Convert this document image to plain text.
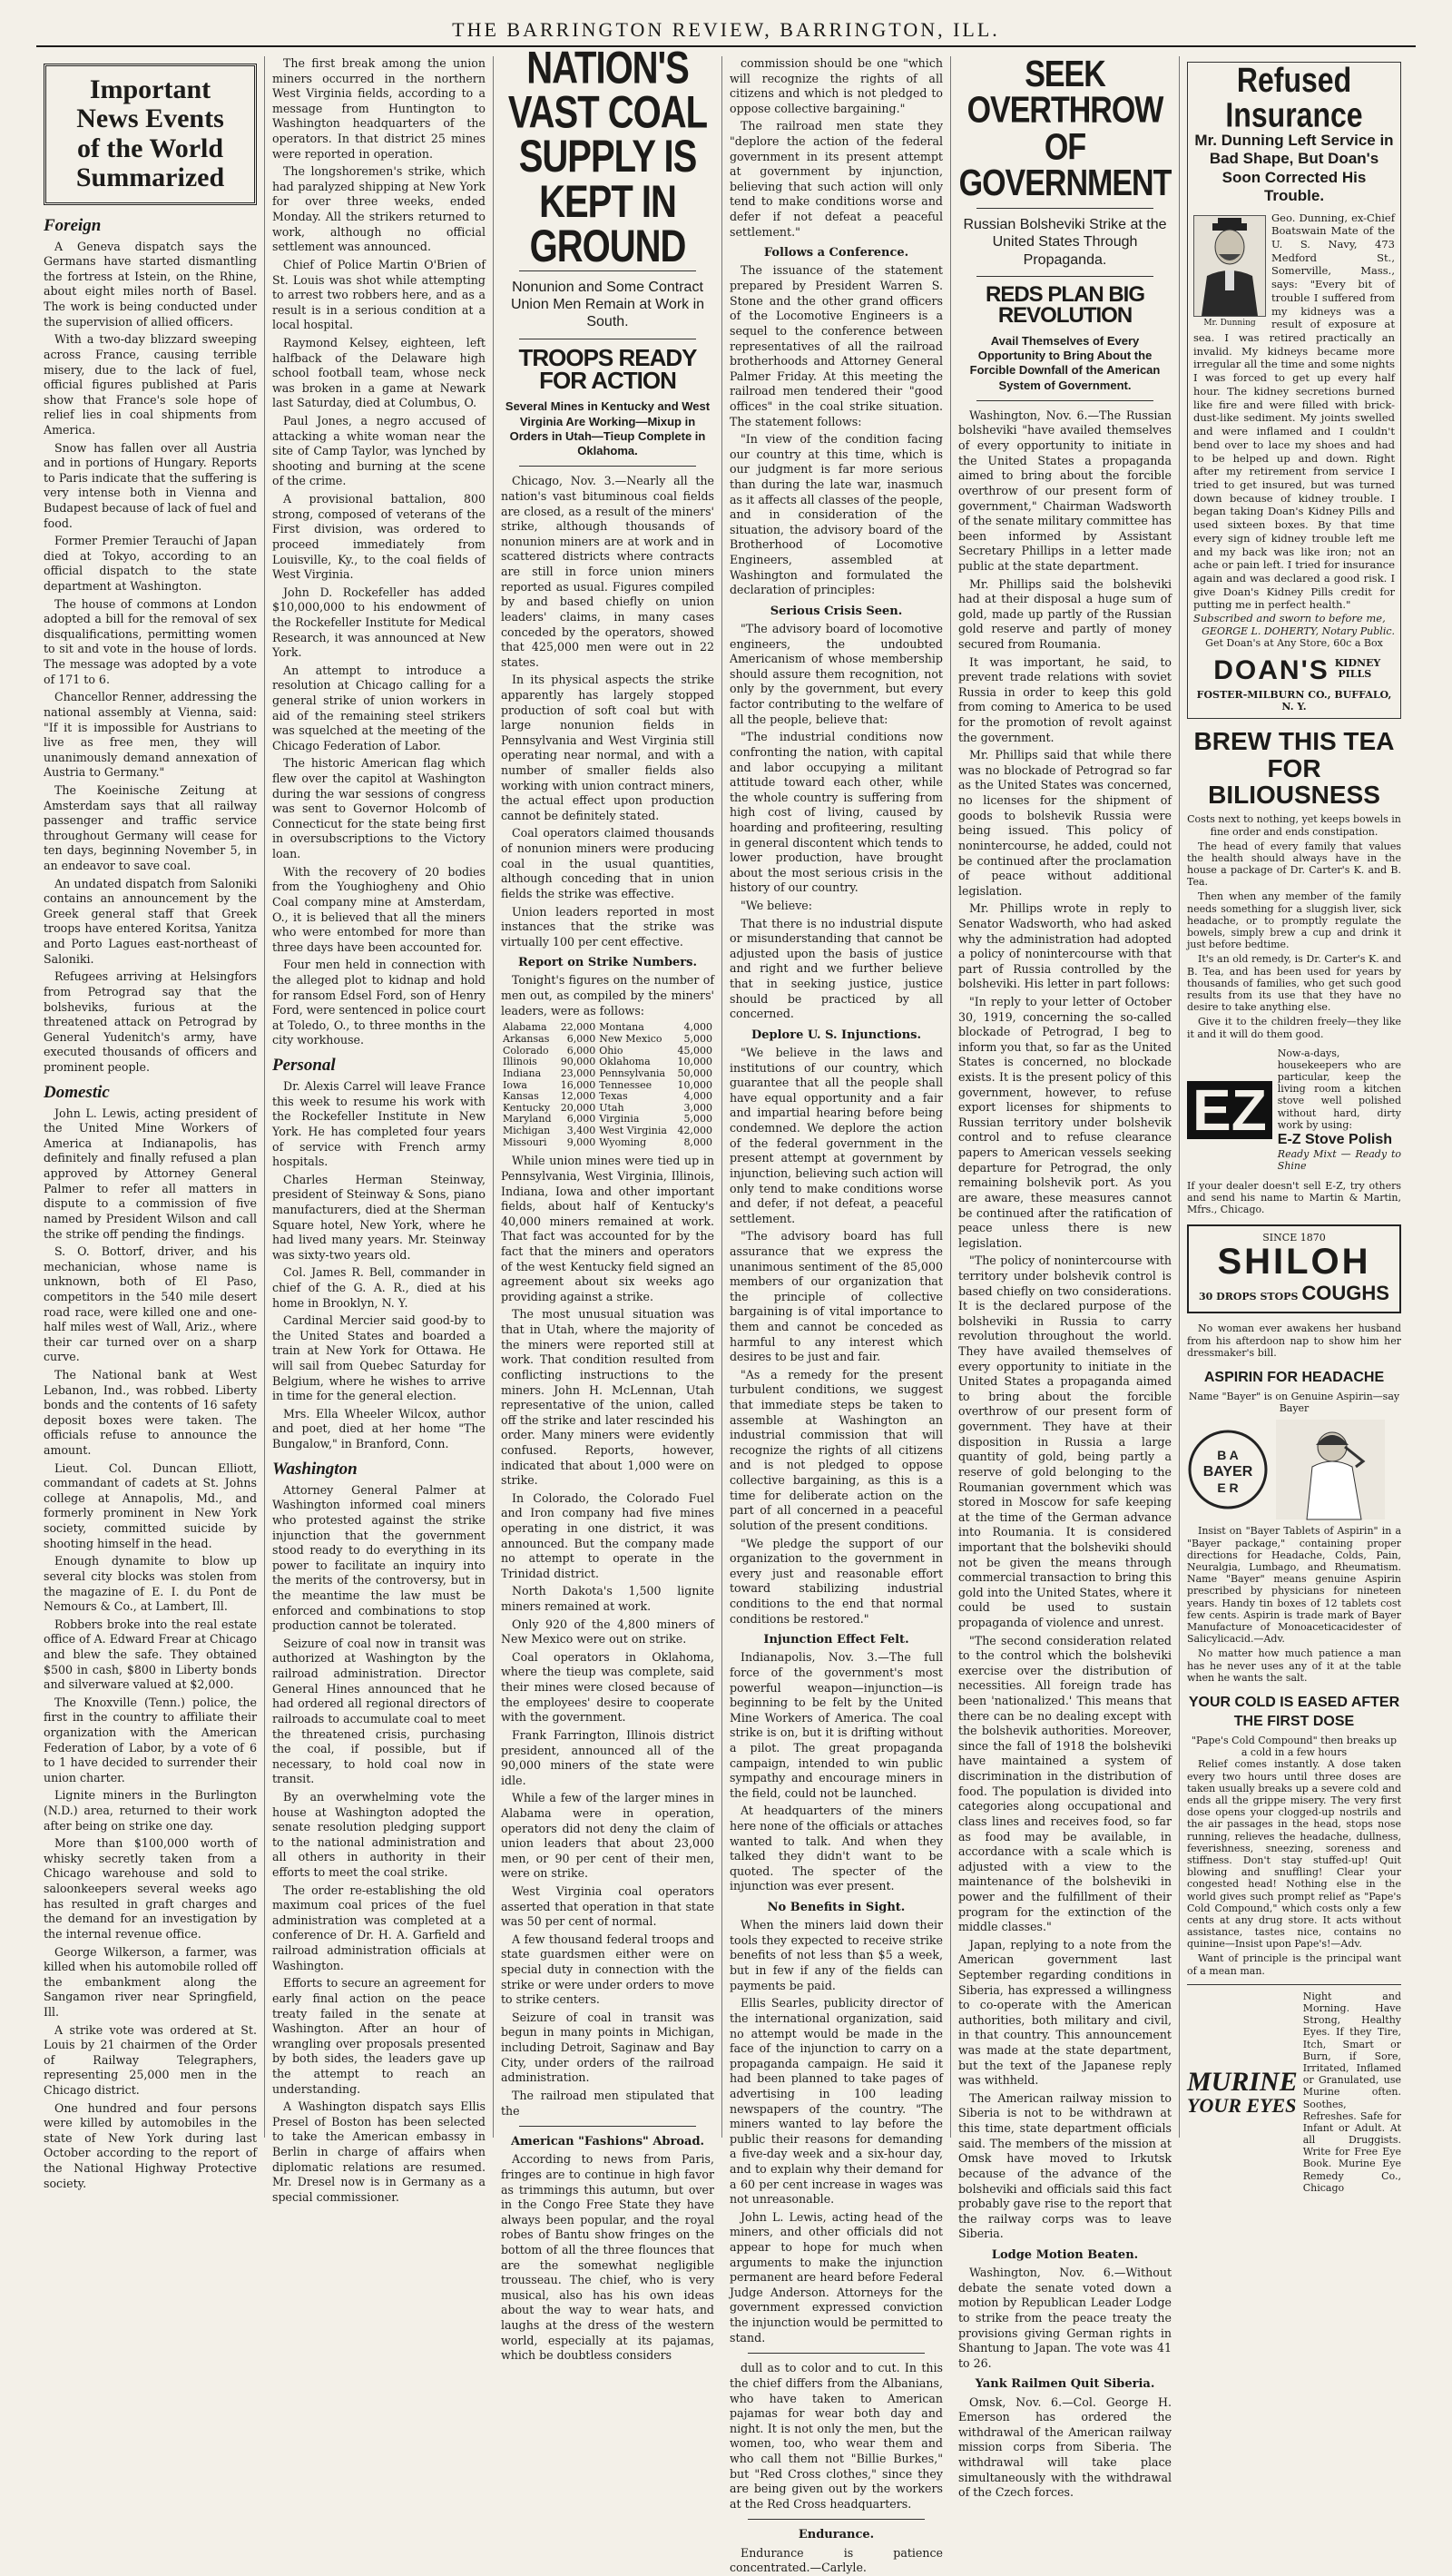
THE BARRINGTON REVIEW, BARRINGTON, ILL.
Important
News Events
of the World
Summarized
Foreign

A Geneva dispatch says the Germans have started dismantling the fortress at Istein, on the Rhine, about eight miles north of Basel. The work is being conducted under the supervision of allied officers.

With a two-day blizzard sweeping across France, causing terrible misery, due to the lack of fuel, official figures published at Paris show that France's sole hope of relief lies in coal shipments from America.

Snow has fallen over all Austria and in portions of Hungary. Reports to Paris indicate that the suffering is very intense both in Vienna and Budapest because of lack of fuel and food.

Former Premier Terauchi of Japan died at Tokyo, according to an official dispatch to the state department at Washington.

The house of commons at London adopted a bill for the removal of sex disqualifications, permitting women to sit and vote in the house of lords. The message was adopted by a vote of 171 to 6.

Chancellor Renner, addressing the national assembly at Vienna, said: "If it is impossible for Austrians to live as free men, they will unanimously demand annexation of Austria to Germany."

The Koeinische Zeitung at Amsterdam says that all railway passenger and traffic service throughout Germany will cease for ten days, beginning November 5, in an endeavor to save coal.

An undated dispatch from Saloniki contains an announcement by the Greek general staff that Greek troops have entered Koritsa, Yanitza and Porto Lagues east-northeast of Saloniki.

Refugees arriving at Helsingfors from Petrograd say that the bolsheviks, furious at the threatened attack on Petrograd by General Yudenitch's army, have executed thousands of officers and prominent people.

Domestic

John L. Lewis, acting president of the United Mine Workers of America at Indianapolis, has definitely and finally refused a plan approved by Attorney General Palmer to refer all matters in dispute to a commission of five named by President Wilson and call the strike off pending the findings.

S. O. Bottorf, driver, and his mechanician, whose name is unknown, both of El Paso, competitors in the 540 mile desert road race, were killed one and one-half miles west of Wall, Ariz., where their car turned over on a sharp curve.

The National bank at West Lebanon, Ind., was robbed. Liberty bonds and the contents of 16 safety deposit boxes were taken. The officials refuse to announce the amount.

Lieut. Col. Duncan Elliott, commandant of cadets at St. Johns college at Annapolis, Md., and formerly prominent in New York society, committed suicide by shooting himself in the head.

Enough dynamite to blow up several city blocks was stolen from the magazine of E. I. du Pont de Nemours & Co., at Lambert, Ill.

Robbers broke into the real estate office of A. Edward Frear at Chicago and blew the safe. They obtained $500 in cash, $800 in Liberty bonds and silverware valued at $2,000.

The Knoxville (Tenn.) police, the first in the country to affiliate their organization with the American Federation of Labor, by a vote of 6 to 1 have decided to surrender their union charter.

Lignite miners in the Burlington (N.D.) area, returned to their work after being on strike one day.

More than $100,000 worth of whisky secretly taken from a Chicago warehouse and sold to saloonkeepers several weeks ago has resulted in graft charges and the demand for an investigation by the internal revenue office.

George Wilkerson, a farmer, was killed when his automobile rolled off the embankment along the Sangamon river near Springfield, Ill.

A strike vote was ordered at St. Louis by 21 chairmen of the Order of Railway Telegraphers, representing 25,000 men in the Chicago district.

One hundred and four persons were killed by automobiles in the state of New York during last October according to the report of the National Highway Protective society.

The first break among the union miners occurred in the northern West Virginia fields, according to a message from Huntington to Washington headquarters of the operators. In that district 25 mines were reported in operation.

The longshoremen's strike, which had paralyzed shipping at New York for over three weeks, ended Monday. All the strikers returned to work, although no official settlement was announced.

Chief of Police Martin O'Brien of St. Louis was shot while attempting to arrest two robbers here, and as a result is in a serious condition at a local hospital.

Raymond Kelsey, eighteen, left halfback of the Delaware high school football team, whose neck was broken in a game at Newark last Saturday, died at Columbus, O.

Paul Jones, a negro accused of attacking a white woman near the site of Camp Taylor, was lynched by shooting and burning at the scene of the crime.

A provisional battalion, 800 strong, composed of veterans of the First division, was ordered to proceed immediately from Louisville, Ky., to the coal fields of West Virginia.

John D. Rockefeller has added $10,000,000 to his endowment of the Rockefeller Institute for Medical Research, it was announced at New York.

An attempt to introduce a resolution at Chicago calling for a general strike of union workers in aid of the remaining steel strikers was squelched at the meeting of the Chicago Federation of Labor.

The historic American flag which flew over the capitol at Washington during the war sessions of congress was sent to Governor Holcomb of Connecticut for the state being first in oversubscriptions to the Victory loan.

With the recovery of 20 bodies from the Youghiogheny and Ohio Coal company mine at Amsterdam, O., it is believed that all the miners who were entombed for more than three days have been accounted for.

Four men held in connection with the alleged plot to kidnap and hold for ransom Edsel Ford, son of Henry Ford, were sentenced in police court at Toledo, O., to three months in the city workhouse.

Personal

Dr. Alexis Carrel will leave France this week to resume his work with the Rockefeller Institute in New York. He has completed four years of service with French army hospitals.

Charles Herman Steinway, president of Steinway & Sons, piano manufacturers, died at the Sherman Square hotel, New York, where he had lived many years. Mr. Steinway was sixty-two years old.

Col. James R. Bell, commander in chief of the G. A. R., died at his home in Brooklyn, N. Y.

Cardinal Mercier said good-by to the United States and boarded a train at New York for Ottawa. He will sail from Quebec Saturday for Belgium, where he wishes to arrive in time for the general election.

Mrs. Ella Wheeler Wilcox, author and poet, died at her home "The Bungalow," in Branford, Conn.

Washington

Attorney General Palmer at Washington informed coal miners who protested against the strike injunction that the government stood ready to do everything in its power to facilitate an inquiry into the merits of the controversy, but in the meantime the law must be enforced and combinations to stop production cannot be tolerated.

Seizure of coal now in transit was authorized at Washington by the railroad administration. Director General Hines announced that he had ordered all regional directors of railroads to accumulate coal to meet the threatened crisis, purchasing the coal, if possible, but if necessary, to hold coal now in transit.

By an overwhelming vote the house at Washington adopted the senate resolution pledging support to the national administration and all others in authority in their efforts to meet the coal strike.

The order re-establishing the old maximum coal prices of the fuel administration was completed at a conference of Dr. H. A. Garfield and railroad administration officials at Washington.

Efforts to secure an agreement for early final action on the peace treaty failed in the senate at Washington. After an hour of wrangling over proposals presented by both sides, the leaders gave up the attempt to reach an understanding.

A Washington dispatch says Ellis Presel of Boston has been selected to take the American embassy in Berlin in charge of affairs when diplomatic relations are resumed. Mr. Dresel now is in Germany as a special commissioner.

NATION'S VAST COAL SUPPLY IS KEPT IN GROUND
Nonunion and Some Contract Union Men Remain at Work in South.
TROOPS READY FOR ACTION
Several Mines in Kentucky and West Virginia Are Working—Mixup in Orders in Utah—Tieup Complete in Oklahoma.

Chicago, Nov. 3.—Nearly all the nation's vast bituminous coal fields are closed, as a result of the miners' strike, although thousands of nonunion miners are at work and in scattered districts where contracts are still in force union miners reported as usual. Figures compiled by and based chiefly on union leaders' claims, in many cases conceded by the operators, showed that 425,000 men were out in 22 states.

In its physical aspects the strike apparently has largely stopped production of soft coal but with large nonunion fields in Pennsylvania and West Virginia still operating near normal, and with a number of smaller fields also working with union contract miners, the actual effect upon production cannot be definitely stated.

Coal operators claimed thousands of nonunion miners were producing coal in the usual quantities, although conceding that in union fields the strike was effective.

Union leaders reported in most instances that the strike was virtually 100 per cent effective.

Report on Strike Numbers.

Tonight's figures on the number of men out, as compiled by the miners' leaders, were as follows:

Alabama	22,000	Montana	4,000
Arkansas	6,000	New Mexico	5,000
Colorado	6,000	Ohio	45,000
Illinois	90,000	Oklahoma	10,000
Indiana	23,000	Pennsylvania	50,000
Iowa	16,000	Tennessee	10,000
Kansas	12,000	Texas	4,000
Kentucky	20,000	Utah	3,000
Maryland	6,000	Virginia	5,000
Michigan	3,400	West Virginia	42,000
Missouri	9,000	Wyoming	8,000

While union mines were tied up in Pennsylvania, West Virginia, Illinois, Indiana, Iowa and other important fields, about half of Kentucky's 40,000 miners remained at work. That fact was accounted for by the fact that the miners and operators of the west Kentucky field signed an agreement about six weeks ago providing against a strike.

The most unusual situation was that in Utah, where the majority of the miners were reported still at work. That condition resulted from conflicting instructions to the miners. John H. McLennan, Utah representative of the union, called off the strike and later rescinded his order. Many miners were evidently confused. Reports, however, indicated that about 1,000 were on strike.

In Colorado, the Colorado Fuel and Iron company had five mines operating in one district, it was announced. But the company made no attempt to operate in the Trinidad district.

North Dakota's 1,500 lignite miners remained at work.

Only 920 of the 4,800 miners of New Mexico were out on strike.

Coal operators in Oklahoma, where the tieup was complete, said their mines were closed because of the employees' desire to cooperate with the government.

Frank Farrington, Illinois district president, announced all of the 90,000 miners of the state were idle.

While a few of the larger mines in Alabama were in operation, operators did not deny the claim of union leaders that about 23,000 men, or 90 per cent of their men, were on strike.

West Virginia coal operators asserted that operation in that state was 50 per cent of normal.

A few thousand federal troops and state guardsmen either were on special duty in connection with the strike or were under orders to move to strike centers.

Seizure of coal in transit was begun in many points in Michigan, including Detroit, Saginaw and Bay City, under orders of the railroad administration.

The railroad men stipulated that the

American "Fashions" Abroad.

According to news from Paris, fringes are to continue in high favor as trimmings this autumn, but over in the Congo Free State they have always been popular, and the royal robes of Bantu show fringes on the bottom of all the three flounces that are the somewhat negligible trousseau. The chief, who is very musical, also has his own ideas about the way to wear hats, and laughs at the dress of the western world, especially at its pajamas, which be doubtless considers

commission should be one "which will recognize the rights of all citizens and which is not pledged to oppose collective bargaining."

The railroad men state they "deplore the action of the federal government in its present attempt at government by injunction, believing that such action will only tend to make conditions worse and defer if not defeat a peaceful settlement."

Follows a Conference.

The issuance of the statement prepared by President Warren S. Stone and the other grand officers of the Locomotive Engineers is a sequel to the conference between representatives of all the railroad brotherhoods and Attorney General Palmer Friday. At this meeting the railroad men tendered their "good offices" in the coal strike situation. The statement follows:

"In view of the condition facing our country at this time, which is our judgment is far more serious than during the late war, inasmuch as it affects all classes of the people, and in consideration of the situation, the advisory board of the Brotherhood of Locomotive Engineers, assembled at Washington and formulated the declaration of principles:

Serious Crisis Seen.

"The advisory board of locomotive engineers, the undoubted Americanism of whose membership should assure them recognition, not only by the government, but every factor contributing to the welfare of all the people, believe that:

"The industrial conditions now confronting the nation, with capital and labor occupying a militant attitude toward each other, while the whole country is suffering from high cost of living, caused by hoarding and profiteering, resulting in general discontent which tends to lower production, have brought about the most serious crisis in the history of our country.

"We believe:

That there is no industrial dispute or misunderstanding that cannot be adjusted upon the basis of justice and right and we further believe that in seeking justice, justice should be practiced by all concerned.

Deplore U. S. Injunctions.

"We believe in the laws and institutions of our country, which guarantee that all the people shall have equal opportunity and a fair and impartial hearing before being condemned. We deplore the action of the federal government in the present attempt at government by injunction, believing such action will only tend to make conditions worse and defer, if not defeat, a peaceful settlement.

"The advisory board has full assurance that we express the unanimous sentiment of the 85,000 members of our organization that the principle of collective bargaining is of vital importance to them and cannot be conceded as harmful to any interest which desires to be just and fair.

"As a remedy for the present turbulent conditions, we suggest that immediate steps be taken to assemble at Washington an industrial commission that will recognize the rights of all citizens and is not pledged to oppose collective bargaining, as this is a time for deliberate action on the part of all concerned in a peaceful solution of the present conditions.

"We pledge the support of our organization to the government in every just and reasonable effort toward stabilizing industrial conditions to the end that normal conditions be restored."

Injunction Effect Felt.

Indianapolis, Nov. 3.—The full force of the government's most powerful weapon—injunction—is beginning to be felt by the United Mine Workers of America. The coal strike is on, but it is drifting without a pilot. The great propaganda campaign, intended to win public sympathy and encourage miners in the field, could not be launched.

At headquarters of the miners here none of the officials or attaches wanted to talk. And when they talked they didn't want to be quoted. The specter of the injunction was ever present.

No Benefits in Sight.

When the miners laid down their tools they expected to receive strike benefits of not less than $5 a week, but in few if any of the fields can payments be paid.

Ellis Searles, publicity director of the international organization, said no attempt would be made in the face of the injunction to carry on a propaganda campaign. He said it had been planned to take pages of advertising in 100 leading newspapers of the country. "The miners wanted to lay before the public their reasons for demanding a five-day week and a six-hour day, and to explain why their demand for a 60 per cent increase in wages was not unreasonable.

John L. Lewis, acting head of the miners, and other officials did not appear to hope for much when arguments to make the injunction permanent are heard before Federal Judge Anderson. Attorneys for the government expressed conviction the injunction would be permitted to stand.

dull as to color and to cut. In this the chief differs from the Albanians, who have taken to American pajamas for wear both day and night. It is not only the men, but the women, too, who wear them and who call them not "Billie Burkes," but "Red Cross clothes," since they are being given out by the workers at the Red Cross headquarters.

Endurance.

Endurance is patience concentrated.—Carlyle.

SEEK OVERTHROW OF GOVERNMENT
Russian Bolsheviki Strike at the United States Through Propaganda.
REDS PLAN BIG REVOLUTION
Avail Themselves of Every Opportunity to Bring About the Forcible Downfall of the American System of Government.

Washington, Nov. 6.—The Russian bolsheviki "have availed themselves of every opportunity to initiate in the United States a propaganda aimed to bring about the forcible overthrow of our present form of government," Chairman Wadsworth of the senate military committee has been informed by Assistant Secretary Phillips in a letter made public at the state department.

Mr. Phillips said the bolsheviki had at their disposal a huge sum of gold, made up partly of the Russian gold reserve and partly of money secured from Roumania.

It was important, he said, to prevent trade relations with soviet Russia in order to keep this gold from coming to America to be used for the promotion of revolt against the government.

Mr. Phillips said that while there was no blockade of Petrograd so far as the United States was concerned, no licenses for the shipment of goods to bolshevik Russia were being issued. This policy of nonintercourse, he added, could not be continued after the proclamation of peace without additional legislation.

Mr. Phillips wrote in reply to Senator Wadsworth, who had asked why the administration had adopted a policy of nonintercourse with that part of Russia controlled by the bolsheviki. His letter in part follows:

"In reply to your letter of October 30, 1919, concerning the so-called blockade of Petrograd, I beg to inform you that, so far as the United States is concerned, no blockade exists. It is the present policy of this government, however, to refuse export licenses for shipments to Russian territory under bolshevik control and to refuse clearance papers to American vessels seeking departure for Petrograd, the only remaining bolshevik port. As you are aware, these measures cannot be continued after the ratification of peace unless there is new legislation.

"The policy of nonintercourse with territory under bolshevik control is based chiefly on two considerations. It is the declared purpose of the bolsheviki in Russia to carry revolution throughout the world. They have availed themselves of every opportunity to initiate in the United States a propaganda aimed to bring about the forcible overthrow of our present form of government. They have at their disposition in Russia a large quantity of gold, being partly a reserve of gold belonging to the Roumanian government which was stored in Moscow for safe keeping at the time of the German advance into Roumania. It is considered important that the bolsheviki should not be given the means through commercial transaction to bring this gold into the United States, where it could be used to sustain propaganda of violence and unrest.

"The second consideration related to the control which the bolsheviki exercise over the distribution of necessities. All foreign trade has been 'nationalized.' This means that there can be no dealing except with the bolshevik authorities. Moreover, since the fall of 1918 the bolsheviki have maintained a system of discrimination in the distribution of food. The population is divided into categories along occupational and class lines and receives food, so far as food may be available, in accordance with a scale which is adjusted with a view to the maintenance of the bolsheviki in power and the fulfillment of their program for the extinction of the middle classes."

Japan, replying to a note from the American government last September regarding conditions in Siberia, has expressed a willingness to co-operate with the American authorities, both military and civil, in that country. This announcement was made at the state department, but the text of the Japanese reply was withheld.

The American railway mission to Siberia is not to be withdrawn at this time, state department officials said. The members of the mission at Omsk have moved to Irkutsk because of the advance of the bolsheviki and officials said this fact probably gave rise to the report that the railway corps was to leave Siberia.

Lodge Motion Beaten.

Washington, Nov. 6.—Without debate the senate voted down a motion by Republican Leader Lodge to strike from the peace treaty the provisions giving German rights in Shantung to Japan. The vote was 41 to 26.

Yank Railmen Quit Siberia.

Omsk, Nov. 6.—Col. George H. Emerson has ordered the withdrawal of the American railway mission corps from Siberia. The withdrawal will take place simultaneously with the withdrawal of the Czech forces.

Refused Insurance
Mr. Dunning Left Service in Bad Shape, But Doan's Soon Corrected His Trouble.
Mr. Dunning
Geo. Dunning, ex-Chief Boatswain Mate of the U. S. Navy, 473 Medford St., Somerville, Mass., says: "Every bit of trouble I suffered from my kidneys was a result of exposure at sea. I was retired practically an invalid. My kidneys became more irregular all the time and some nights I was forced to get up every half hour. The kidney secretions burned like fire and were filled with brick-dust-like sediment. My joints swelled and were inflamed and I couldn't bend over to lace my shoes and had to be helped up and down. Right after my retirement from service I tried to get insured, but was turned down because of kidney trouble. I began taking Doan's Kidney Pills and used sixteen boxes. By that time every sign of kidney trouble left me and my back was like iron; not an ache or pain left. I tried for insurance again and was declared a good risk. I give Doan's Kidney Pills credit for putting me in perfect health."
Subscribed and sworn to before me,
GEORGE L. DOHERTY, Notary Public.
Get Doan's at Any Store, 60c a Box
DOAN'S KIDNEY PILLS
FOSTER-MILBURN CO., BUFFALO, N. Y.
BREW THIS TEA FOR BILIOUSNESS

Costs next to nothing, yet keeps bowels in fine order and ends constipation.

The head of every family that values the health should always have in the house a package of Dr. Carter's K. and B. Tea.

Then when any member of the family needs something for a sluggish liver, sick headache, or to promptly regulate the bowels, simply brew a cup and drink it just before bedtime.

It's an old remedy, is Dr. Carter's K. and B. Tea, and has been used for years by thousands of families, who get such good results from its use that they have no desire to take anything else.

Give it to the children freely—they like it and it will do them good.

EZ
Now-a-days, housekeepers who are particular, keep the living room a kitchen stove well polished without hard, dirty work by using:
E-Z Stove Polish
Ready Mixt — Ready to Shine

If your dealer doesn't sell E-Z, try others and send his name to Martin & Martin, Mfrs., Chicago.

SINCE 1870
SHILOH
30 DROPS STOPS COUGHS

No woman ever awakens her husband from his afterdoon nap to show him her dressmaker's bill.

ASPIRIN FOR HEADACHE
Name "Bayer" is on Genuine Aspirin—say Bayer
B A
BAYER
E R

Insist on "Bayer Tablets of Aspirin" in a "Bayer package," containing proper directions for Headache, Colds, Pain, Neuralgia, Lumbago, and Rheumatism. Name "Bayer" means genuine Aspirin prescribed by physicians for nineteen years. Handy tin boxes of 12 tablets cost few cents. Aspirin is trade mark of Bayer Manufacture of Monoaceticacidester of Salicylicacid.—Adv.

No matter how much patience a man has he never uses any of it at the table when he wants the salt.

YOUR COLD IS EASED AFTER THE FIRST DOSE
"Pape's Cold Compound" then breaks up a cold in a few hours

Relief comes instantly. A dose taken every two hours until three doses are taken usually breaks up a severe cold and ends all the grippe misery. The very first dose opens your clogged-up nostrils and the air passages in the head, stops nose running, relieves the headache, dullness, feverishness, sneezing, soreness and stiffness. Don't stay stuffed-up! Quit blowing and snuffling! Clear your congested head! Nothing else in the world gives such prompt relief as "Pape's Cold Compound," which costs only a few cents at any drug store. It acts without assistance, tastes nice, contains no quinine—Insist upon Pape's!—Adv.

Want of principle is the principal want of a mean man.

MURINE
YOUR EYES
Night and Morning. Have Strong, Healthy Eyes. If they Tire, Itch, Smart or Burn, if Sore, Irritated, Inflamed or Granulated, use Murine often. Soothes, Refreshes. Safe for Infant or Adult. At all Druggists. Write for Free Eye Book. Murine Eye Remedy Co., Chicago
